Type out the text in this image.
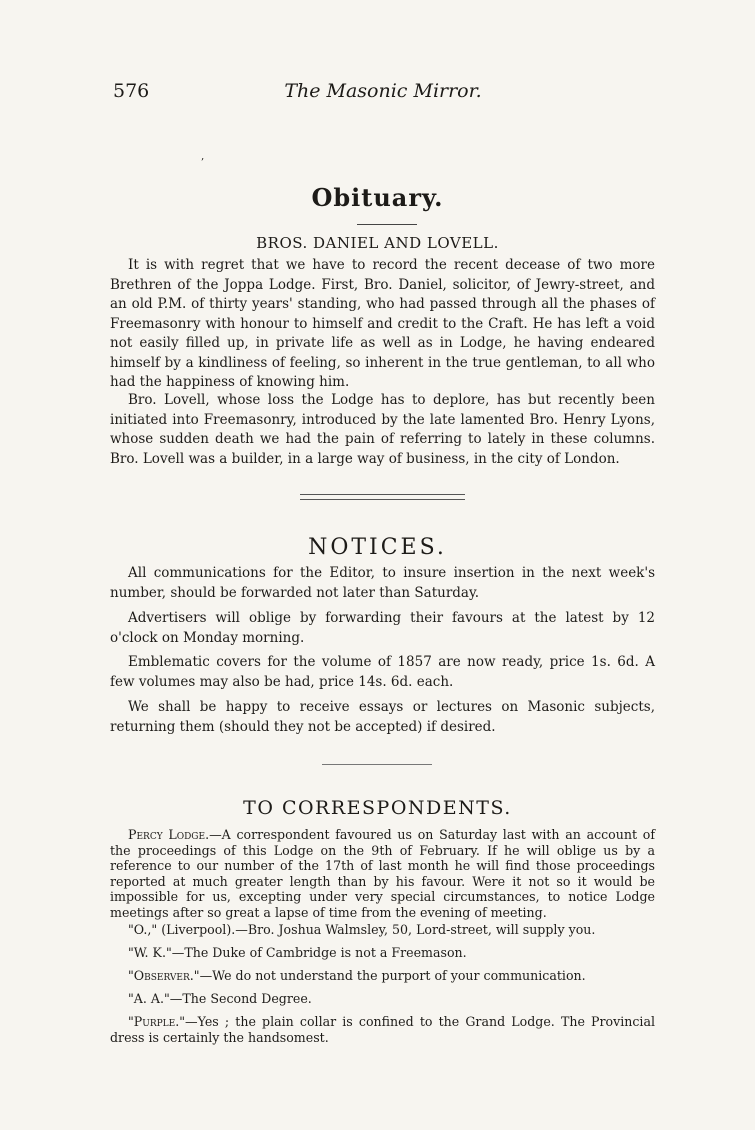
576	The Masonic Mirror.
‚
Obituary.
BROS. DANIEL AND LOVELL.

It is with regret that we have to record the recent decease of two more Brethren of the Joppa Lodge. First, Bro. Daniel, solicitor, of Jewry-street, and an old P.M. of thirty years' standing, who had passed through all the phases of Freemasonry with honour to himself and credit to the Craft. He has left a void not easily filled up, in private life as well as in Lodge, he having endeared himself by a kindliness of feeling, so inherent in the true gentleman, to all who had the happiness of knowing him.

Bro. Lovell, whose loss the Lodge has to deplore, has but recently been initiated into Freemasonry, introduced by the late lamented Bro. Henry Lyons, whose sudden death we had the pain of referring to lately in these columns. Bro. Lovell was a builder, in a large way of business, in the city of London.

NOTICES.

All communications for the Editor, to insure insertion in the next week's number, should be forwarded not later than Saturday.

Advertisers will oblige by forwarding their favours at the latest by 12 o'clock on Monday morning.

Emblematic covers for the volume of 1857 are now ready, price 1s. 6d. A few volumes may also be had, price 14s. 6d. each.

We shall be happy to receive essays or lectures on Masonic subjects, returning them (should they not be accepted) if desired.

TO CORRESPONDENTS.

Percy Lodge.—A correspondent favoured us on Saturday last with an account of the proceedings of this Lodge on the 9th of February. If he will oblige us by a reference to our number of the 17th of last month he will find those proceedings reported at much greater length than by his favour. Were it not so it would be impossible for us, excepting under very special circumstances, to notice Lodge meetings after so great a lapse of time from the evening of meeting.

"O.," (Liverpool).—Bro. Joshua Walmsley, 50, Lord-street, will supply you.

"W. K."—The Duke of Cambridge is not a Freemason.

"Observer."—We do not understand the purport of your communication.

"A. A."—The Second Degree.

"Purple."—Yes ; the plain collar is confined to the Grand Lodge. The Provincial dress is certainly the handsomest.
